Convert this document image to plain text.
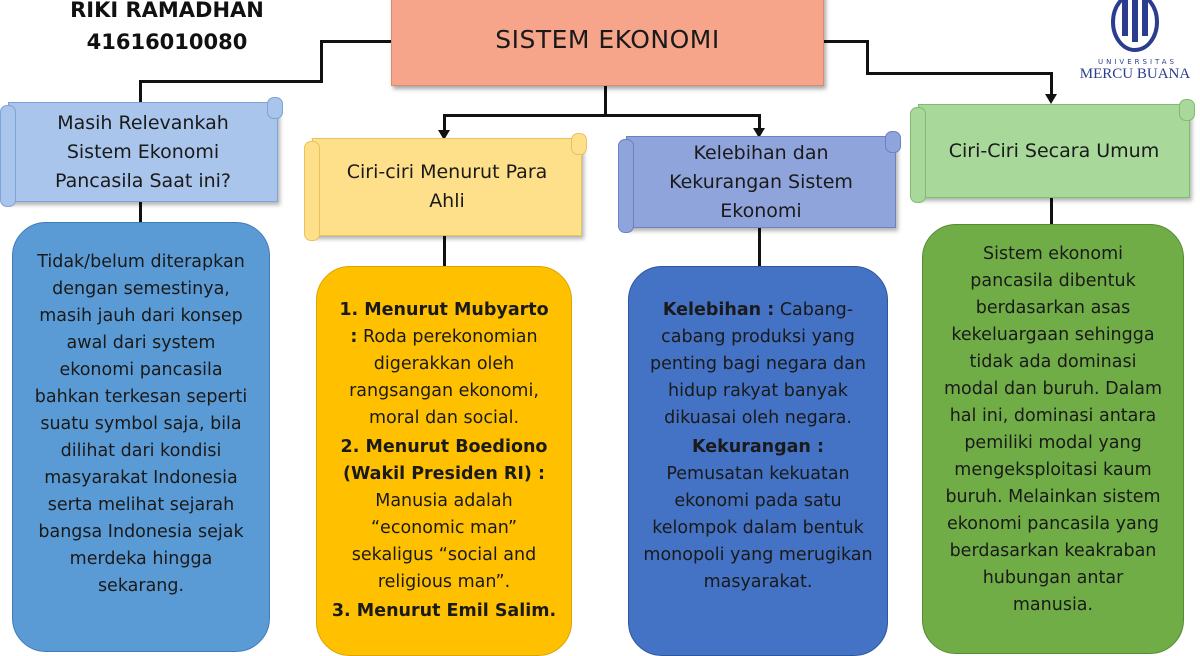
RIKI RAMADHAN
41616010080	SISTEM EKONOMI
UNIVERSITAS
MERCU BUANA
Masih Relevankah Sistem Ekonomi Pancasila Saat ini?	Ciri-ciri Menurut Para Ahli
Kelebihan dan Kekurangan Sistem Ekonomi
Ciri-Ciri Secara Umum
Tidak/belum diterapkan dengan semestinya, masih jauh dari konsep awal dari system ekonomi pancasila bahkan terkesan seperti suatu symbol saja, bila dilihat dari kondisi masyarakat Indonesia serta melihat sejarah bangsa Indonesia sejak merdeka hingga sekarang.
1. Menurut Mubyarto
: Roda perekonomian digerakkan oleh rangsangan ekonomi, moral dan social.
2. Menurut Boediono (Wakil Presiden RI) :
Manusia adalah “economic man” sekaligus “social and religious man”.
3. Menurut Emil Salim.
Kelebihan : Cabang-cabang produksi yang penting bagi negara dan hidup rakyat banyak dikuasai oleh negara.
Kekurangan :
Pemusatan kekuatan ekonomi pada satu kelompok dalam bentuk monopoli yang merugikan masyarakat.
Sistem ekonomi pancasila dibentuk berdasarkan asas kekeluargaan sehingga tidak ada dominasi modal dan buruh. Dalam hal ini, dominasi antara pemiliki modal yang mengeksploitasi kaum buruh. Melainkan sistem ekonomi pancasila yang berdasarkan keakraban hubungan antar manusia.
